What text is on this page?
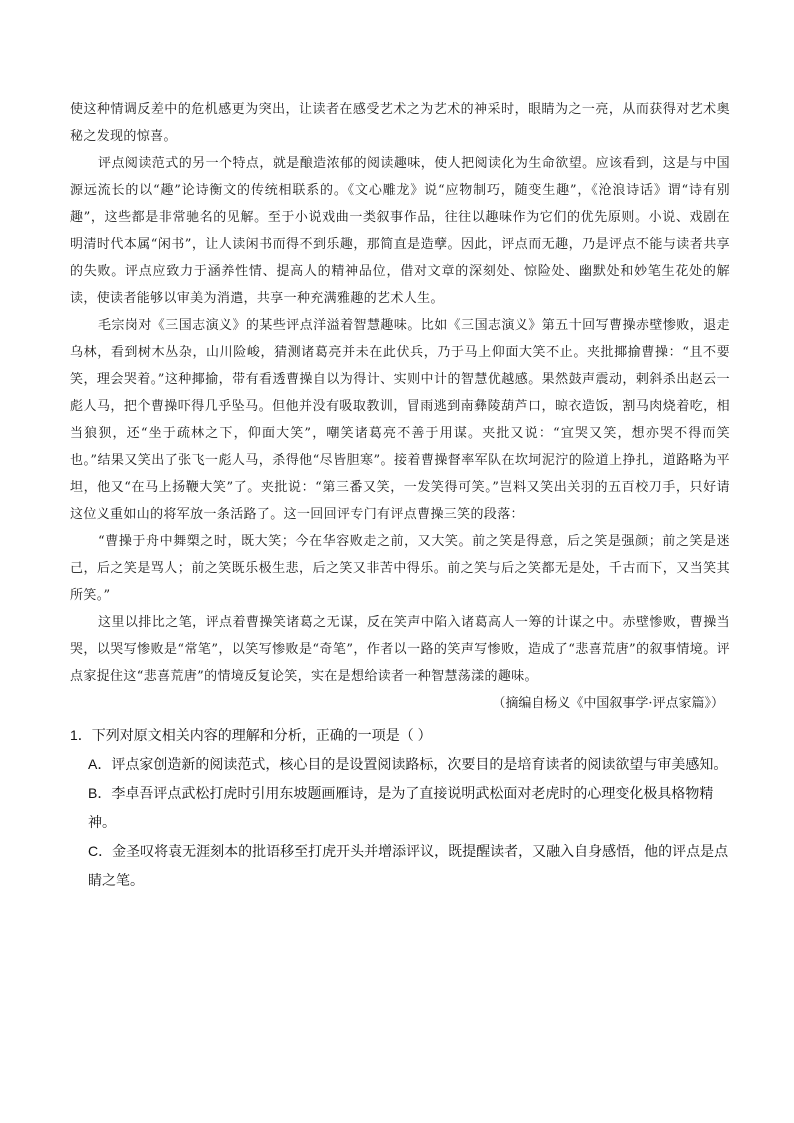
使这种情调反差中的危机感更为突出，让读者在感受艺术之为艺术的神采时，眼睛为之一亮，从而获得对艺术奥秘之发现的惊喜。

评点阅读范式的另一个特点，就是酿造浓郁的阅读趣味，使人把阅读化为生命欲望。应该看到，这是与中国源远流长的以“趣”论诗衡文的传统相联系的。《文心雕龙》说“应物制巧，随变生趣”，《沧浪诗话》谓“诗有别趣”，这些都是非常驰名的见解。至于小说戏曲一类叙事作品，往往以趣味作为它们的优先原则。小说、戏剧在明清时代本属“闲书”，让人读闲书而得不到乐趣，那简直是造孽。因此，评点而无趣，乃是评点不能与读者共享的失败。评点应致力于涵养性情、提高人的精神品位，借对文章的深刻处、惊险处、幽默处和妙笔生花处的解读，使读者能够以审美为消遣，共享一种充满雅趣的艺术人生。

毛宗岗对《三国志演义》的某些评点洋溢着智慧趣味。比如《三国志演义》第五十回写曹操赤壁惨败，退走乌林，看到树木丛杂，山川险峻，猜测诸葛亮并未在此伏兵，乃于马上仰面大笑不止。夹批揶揄曹操：“且不要笑，理会哭着。”这种揶揄，带有看透曹操自以为得计、实则中计的智慧优越感。果然鼓声震动，剌斜杀出赵云一彪人马，把个曹操吓得几乎坠马。但他并没有吸取教训，冒雨逃到南彝陵葫芦口，晾衣造饭，割马肉烧着吃，相当狼狈，还“坐于疏林之下，仰面大笑”，嘲笑诸葛亮不善于用谋。夹批又说：“宜哭又笑，想亦哭不得而笑也。”结果又笑出了张飞一彪人马，杀得他“尽皆胆寒”。接着曹操督率军队在坎坷泥泞的险道上挣扎，道路略为平坦，他又“在马上扬鞭大笑”了。夹批说：“第三番又笑，一发笑得可笑。”岂料又笑出关羽的五百校刀手，只好请这位义重如山的将军放一条活路了。这一回回评专门有评点曹操三笑的段落：

“曹操于舟中舞槊之时，既大笑；今在华容败走之前，又大笑。前之笑是得意，后之笑是强颜；前之笑是迷己，后之笑是骂人；前之笑既乐极生悲，后之笑又非苦中得乐。前之笑与后之笑都无是处，千古而下，又当笑其所笑。”

这里以排比之笔，评点着曹操笑诸葛之无谋，反在笑声中陷入诸葛高人一筹的计谋之中。赤壁惨败，曹操当哭，以哭写惨败是“常笔”，以笑写惨败是“奇笔”，作者以一路的笑声写惨败，造成了“悲喜荒唐”的叙事情境。评点家捉住这“悲喜荒唐”的情境反复论笑，实在是想给读者一种智慧荡漾的趣味。

（摘编自杨义《中国叙事学·评点家篇》）

1．下列对原文相关内容的理解和分析，正确的一项是（ ）

A．评点家创造新的阅读范式，核心目的是设置阅读路标，次要目的是培育读者的阅读欲望与审美感知。

B．李卓吾评点武松打虎时引用东坡题画雁诗，是为了直接说明武松面对老虎时的心理变化极具格物精神。

C．金圣叹将袁无涯刻本的批语移至打虎开头并增添评议，既提醒读者，又融入自身感悟，他的评点是点睛之笔。
